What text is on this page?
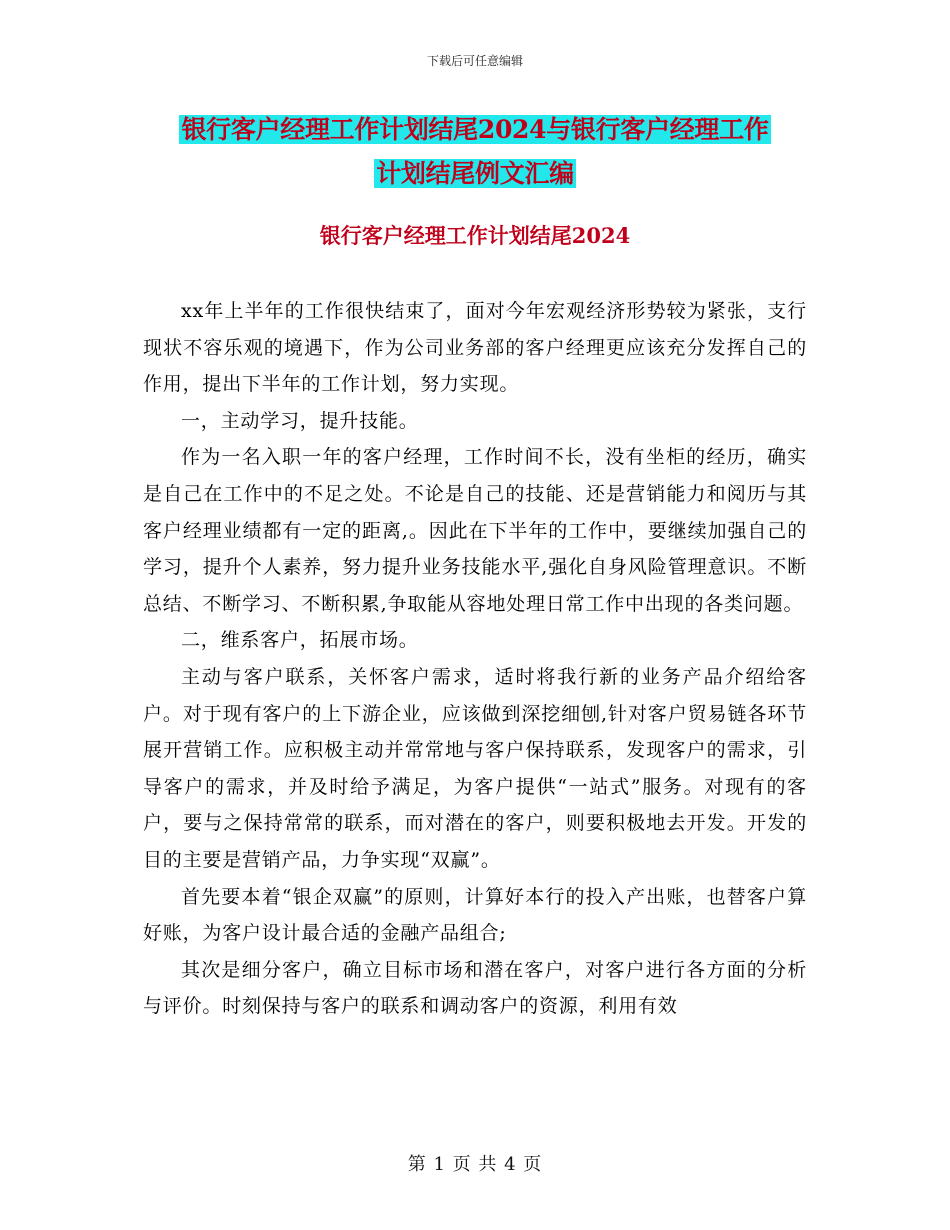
下载后可任意编辑
银行客户经理工作计划结尾2024与银行客户经理工作
计划结尾例文汇编
银行客户经理工作计划结尾2024

xx年上半年的工作很快结束了，面对今年宏观经济形势较为紧张，支行现状不容乐观的境遇下，作为公司业务部的客户经理更应该充分发挥自己的作用，提出下半年的工作计划，努力实现。

一，主动学习，提升技能。

作为一名入职一年的客户经理，工作时间不长，没有坐柜的经历，确实是自己在工作中的不足之处。不论是自己的技能、还是营销能力和阅历与其客户经理业绩都有一定的距离,。因此在下半年的工作中，要继续加强自己的学习，提升个人素养，努力提升业务技能水平,强化自身风险管理意识。不断总结、不断学习、不断积累,争取能从容地处理日常工作中出现的各类问题。

二，维系客户，拓展市场。

主动与客户联系，关怀客户需求，适时将我行新的业务产品介绍给客户。对于现有客户的上下游企业，应该做到深挖细刨,针对客户贸易链各环节展开营销工作。应积极主动并常常地与客户保持联系，发现客户的需求，引导客户的需求，并及时给予满足，为客户提供“一站式”服务。对现有的客户，要与之保持常常的联系，而对潜在的客户，则要积极地去开发。开发的目的主要是营销产品，力争实现“双赢”。

首先要本着“银企双赢”的原则，计算好本行的投入产出账，也替客户算好账，为客户设计最合适的金融产品组合;

其次是细分客户，确立目标市场和潜在客户，对客户进行各方面的分析与评价。时刻保持与客户的联系和调动客户的资源，利用有效

第 1 页 共 4 页
